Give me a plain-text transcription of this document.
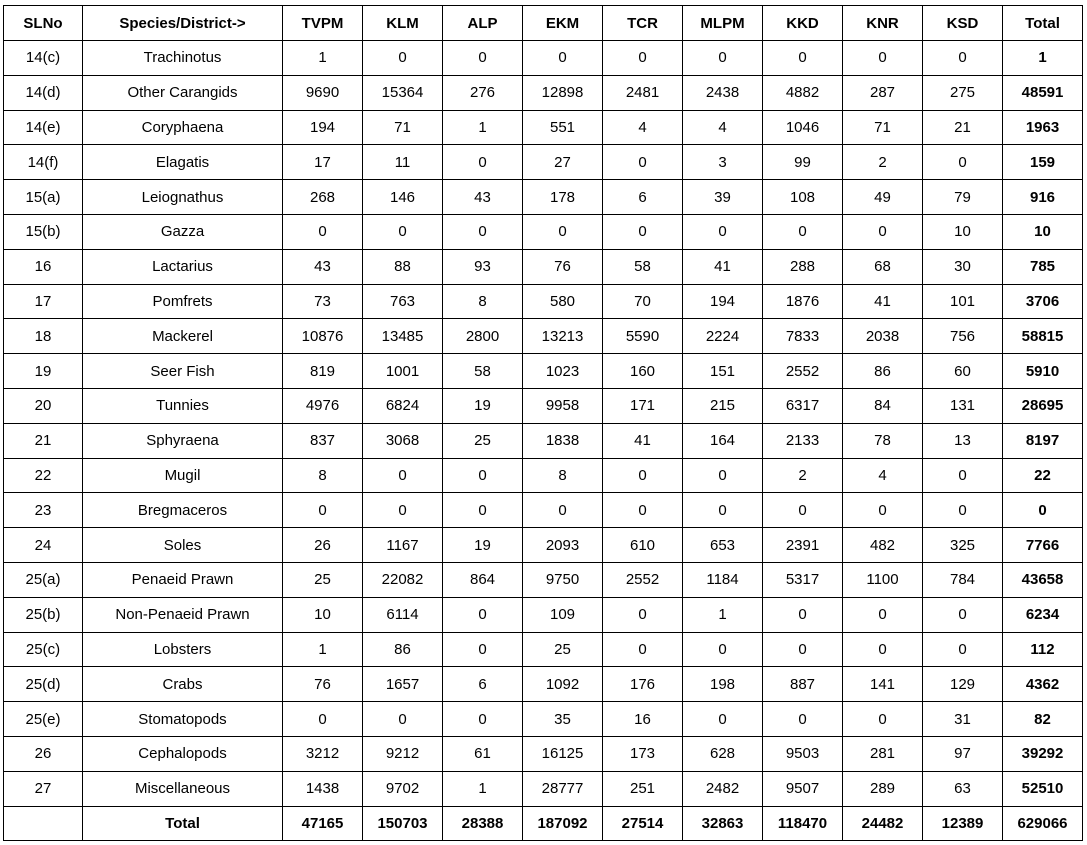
SLNo	Species/District->	TVPM	KLM	ALP	EKM	TCR	MLPM	KKD	KNR	KSD	Total
14(c)	Trachinotus	1	0	0	0	0	0	0	0	0	1
14(d)	Other Carangids	9690	15364	276	12898	2481	2438	4882	287	275	48591
14(e)	Coryphaena	194	71	1	551	4	4	1046	71	21	1963
14(f)	Elagatis	17	11	0	27	0	3	99	2	0	159
15(a)	Leiognathus	268	146	43	178	6	39	108	49	79	916
15(b)	Gazza	0	0	0	0	0	0	0	0	10	10
16	Lactarius	43	88	93	76	58	41	288	68	30	785
17	Pomfrets	73	763	8	580	70	194	1876	41	101	3706
18	Mackerel	10876	13485	2800	13213	5590	2224	7833	2038	756	58815
19	Seer Fish	819	1001	58	1023	160	151	2552	86	60	5910
20	Tunnies	4976	6824	19	9958	171	215	6317	84	131	28695
21	Sphyraena	837	3068	25	1838	41	164	2133	78	13	8197
22	Mugil	8	0	0	8	0	0	2	4	0	22
23	Bregmaceros	0	0	0	0	0	0	0	0	0	0
24	Soles	26	1167	19	2093	610	653	2391	482	325	7766
25(a)	Penaeid Prawn	25	22082	864	9750	2552	1184	5317	1100	784	43658
25(b)	Non-Penaeid Prawn	10	6114	0	109	0	1	0	0	0	6234
25(c)	Lobsters	1	86	0	25	0	0	0	0	0	112
25(d)	Crabs	76	1657	6	1092	176	198	887	141	129	4362
25(e)	Stomatopods	0	0	0	35	16	0	0	0	31	82
26	Cephalopods	3212	9212	61	16125	173	628	9503	281	97	39292
27	Miscellaneous	1438	9702	1	28777	251	2482	9507	289	63	52510
	Total	47165	150703	28388	187092	27514	32863	118470	24482	12389	629066
